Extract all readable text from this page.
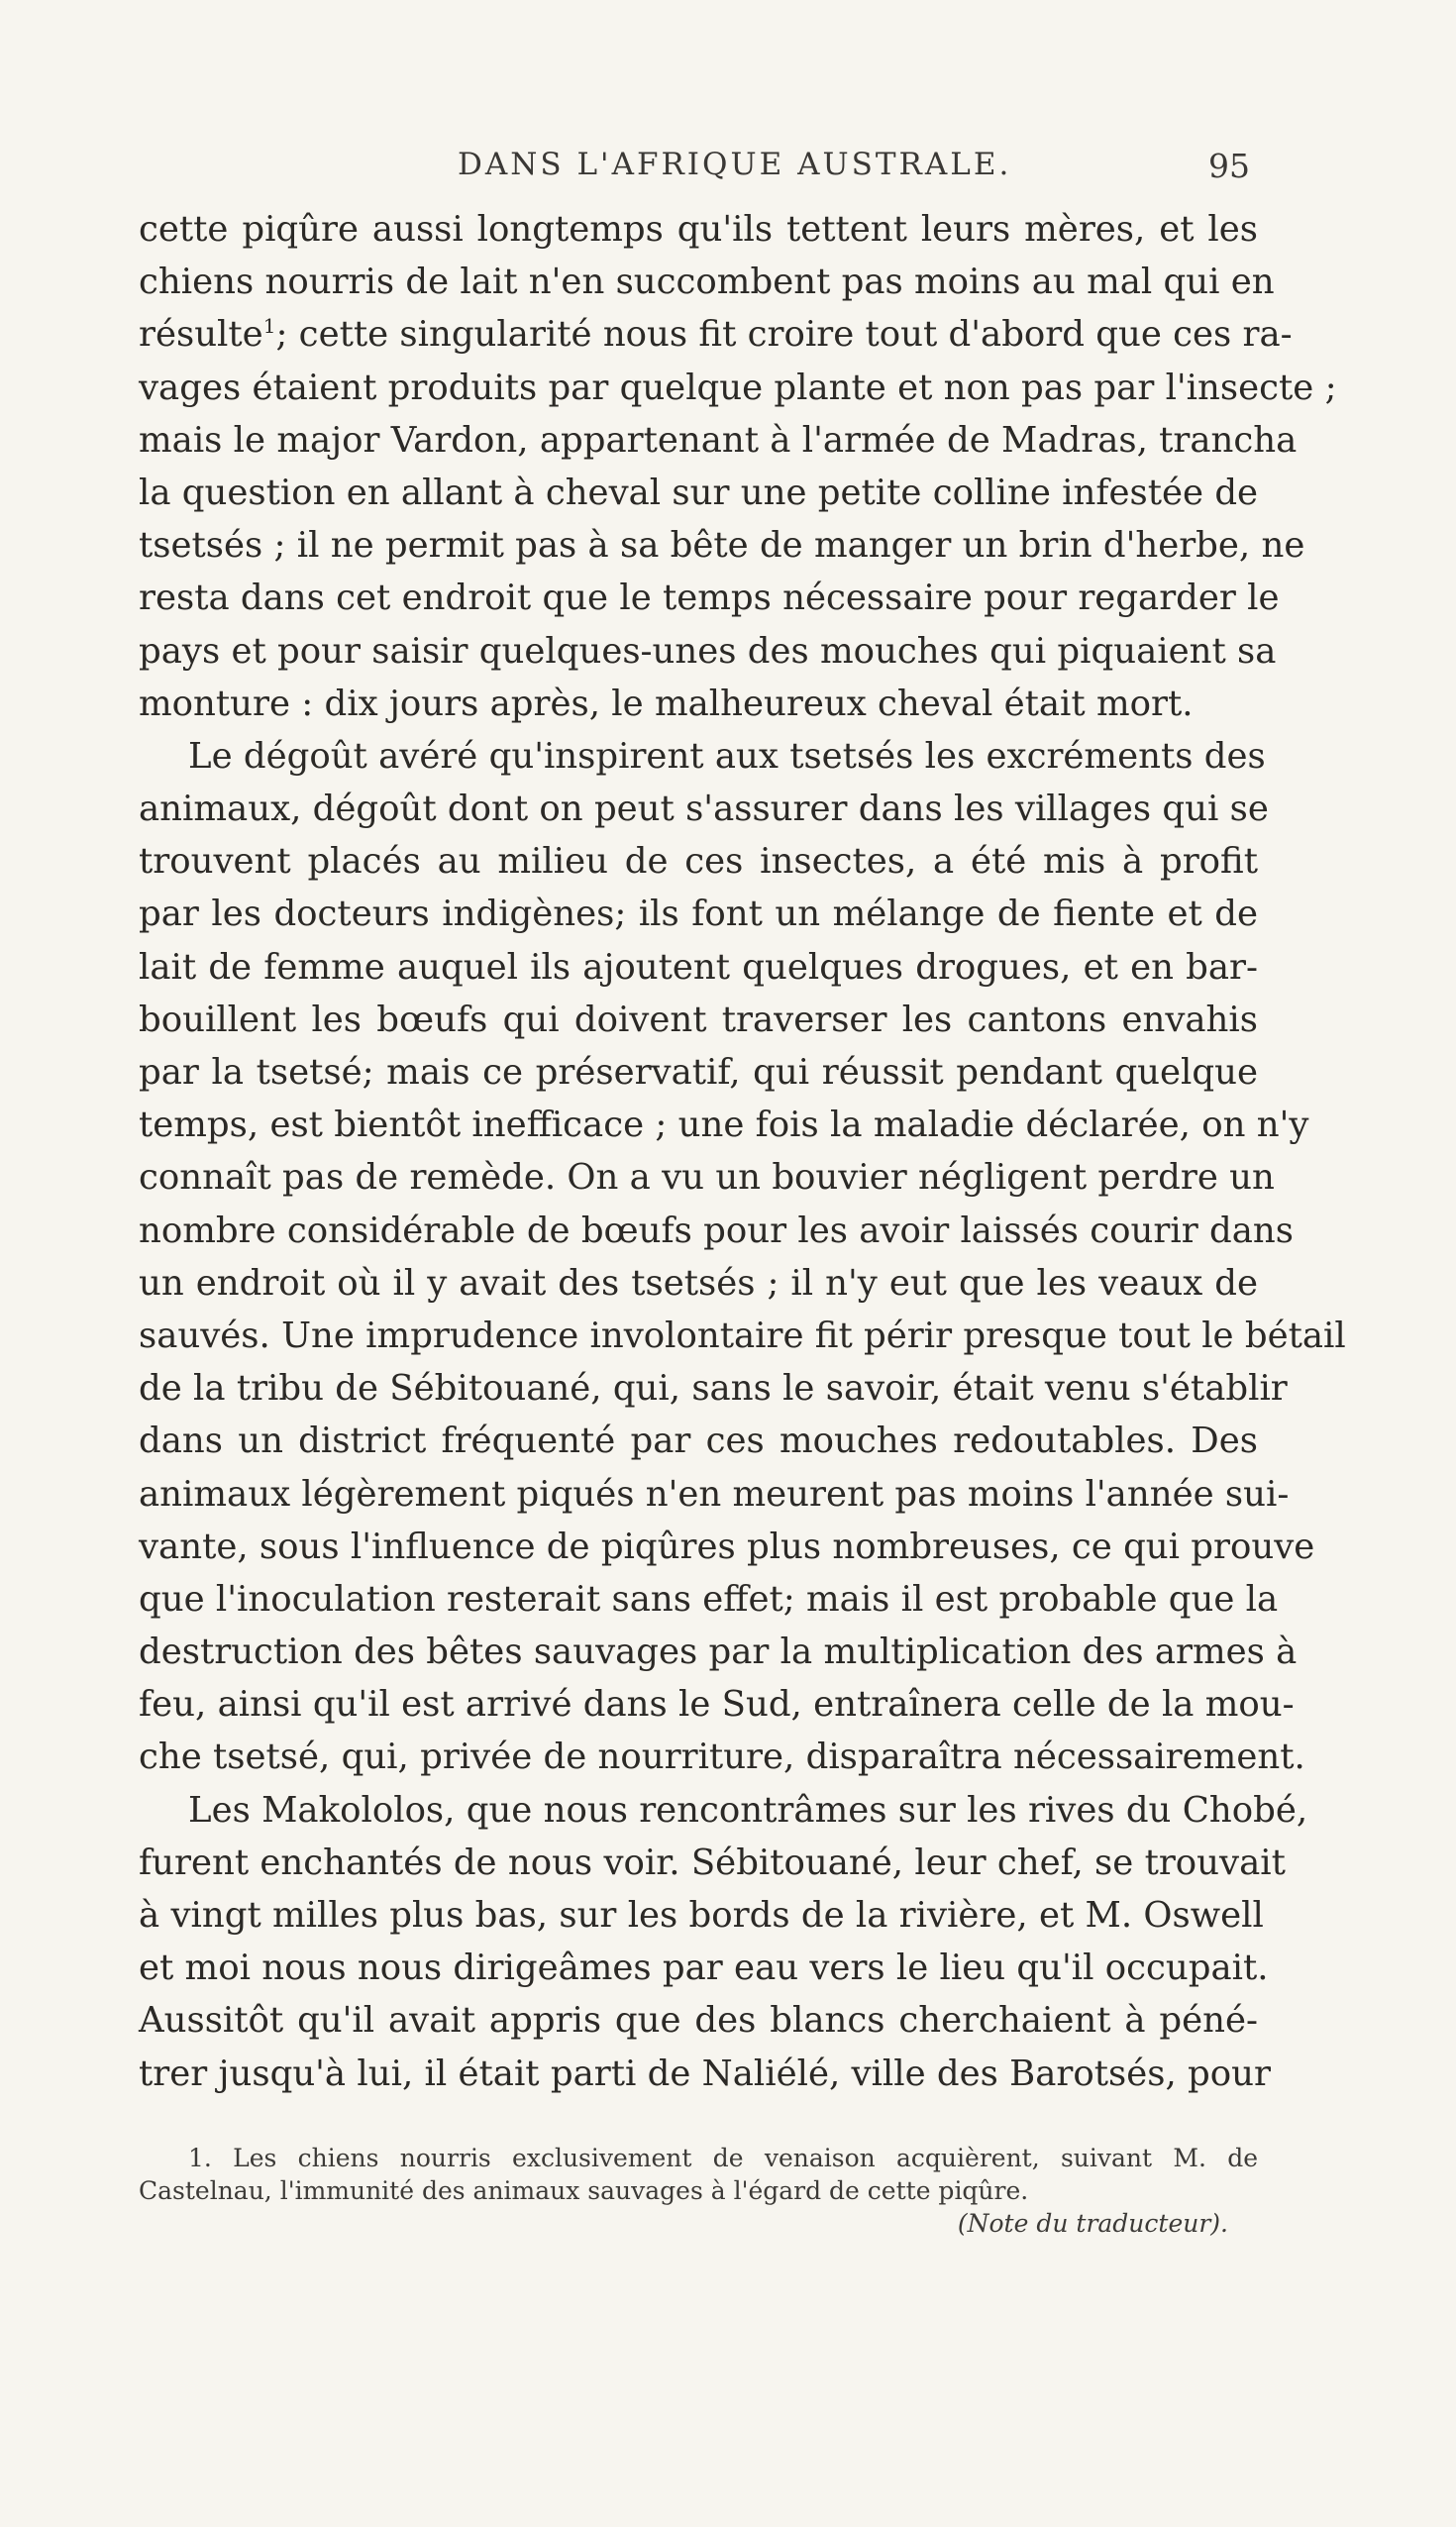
DANS L'AFRIQUE AUSTRALE.	95
cette piqûre aussi longtemps qu'ils tettent leurs mères, et les
chiens nourris de lait n'en succombent pas moins au mal qui en
résulte$^1$; cette singularité nous fit croire tout d'abord que ces ra-
vages étaient produits par quelque plante et non pas par l'insecte ;
mais le major Vardon, appartenant à l'armée de Madras, trancha
la question en allant à cheval sur une petite colline infestée de
tsetsés ; il ne permit pas à sa bête de manger un brin d'herbe, ne
resta dans cet endroit que le temps nécessaire pour regarder le
pays et pour saisir quelques-unes des mouches qui piquaient sa
monture : dix jours après, le malheureux cheval était mort.
Le dégoût avéré qu'inspirent aux tsetsés les excréments des
animaux, dégoût dont on peut s'assurer dans les villages qui se
trouvent placés au milieu de ces insectes, a été mis à profit
par les docteurs indigènes; ils font un mélange de fiente et de
lait de femme auquel ils ajoutent quelques drogues, et en bar-
bouillent les bœufs qui doivent traverser les cantons envahis
par la tsetsé; mais ce préservatif, qui réussit pendant quelque
temps, est bientôt inefficace ; une fois la maladie déclarée, on n'y
connaît pas de remède. On a vu un bouvier négligent perdre un
nombre considérable de bœufs pour les avoir laissés courir dans
un endroit où il y avait des tsetsés ; il n'y eut que les veaux de
sauvés. Une imprudence involontaire fit périr presque tout le bétail
de la tribu de Sébitouané, qui, sans le savoir, était venu s'établir
dans un district fréquenté par ces mouches redoutables. Des
animaux légèrement piqués n'en meurent pas moins l'année sui-
vante, sous l'influence de piqûres plus nombreuses, ce qui prouve
que l'inoculation resterait sans effet; mais il est probable que la
destruction des bêtes sauvages par la multiplication des armes à
feu, ainsi qu'il est arrivé dans le Sud, entraînera celle de la mou-
che tsetsé, qui, privée de nourriture, disparaîtra nécessairement.
Les Makololos, que nous rencontrâmes sur les rives du Chobé,
furent enchantés de nous voir. Sébitouané, leur chef, se trouvait
à vingt milles plus bas, sur les bords de la rivière, et M. Oswell
et moi nous nous dirigeâmes par eau vers le lieu qu'il occupait.
Aussitôt qu'il avait appris que des blancs cherchaient à péné-
trer jusqu'à lui, il était parti de Naliélé, ville des Barotsés, pour
1. Les chiens nourris exclusivement de venaison acquièrent, suivant M. de
Castelnau, l'immunité des animaux sauvages à l'égard de cette piqûre.
(Note du traducteur).
